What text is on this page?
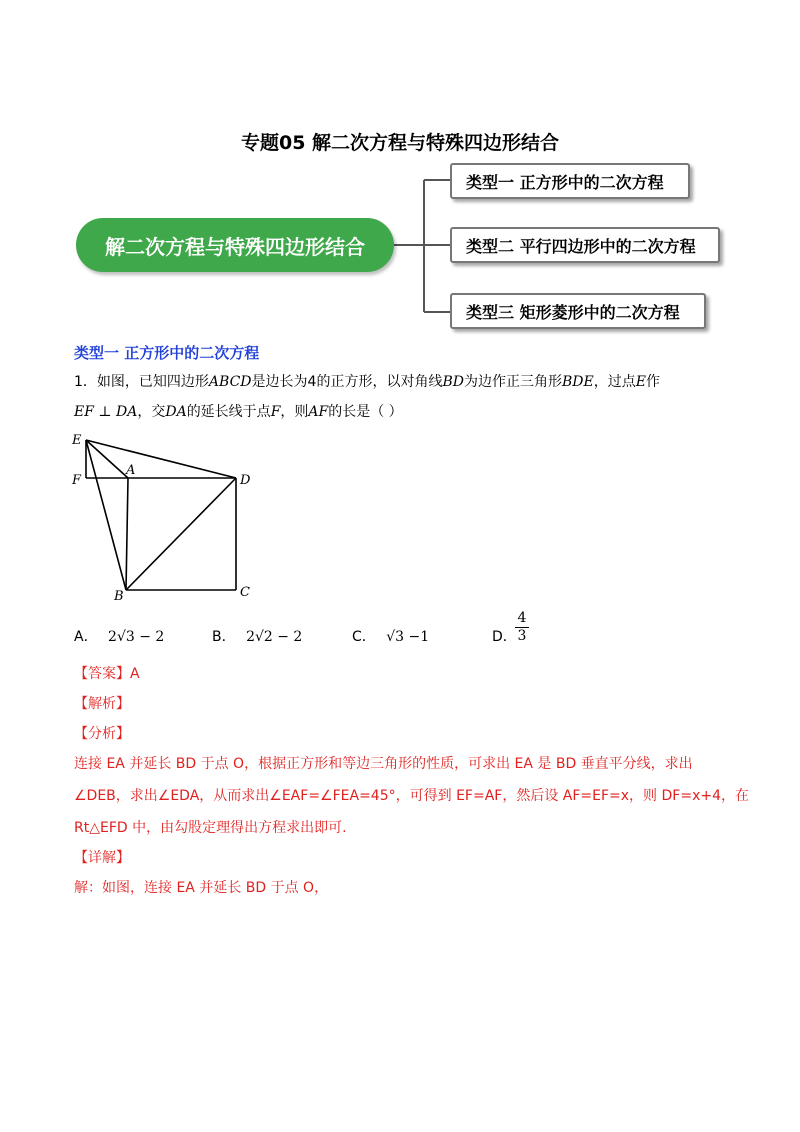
专题05 解二次方程与特殊四边形结合
解二次方程与特殊四边形结合
类型一 正方形中的二次方程
类型二 平行四边形中的二次方程
类型三 矩形菱形中的二次方程
类型一 正方形中的二次方程
1．如图，已知四边形ABCD是边长为4的正方形，以对角线BD为边作正三角形BDE，过点E作
EF ⊥ DA，交DA的延长线于点F，则AF的长是（ ）
E
F
A
D
B	C
A． 2√3 − 2	B． 2√2 − 2	C． √3 −1	D．
4
3
【答案】A
【解析】
【分析】
连接 EA 并延长 BD 于点 O，根据正方形和等边三角形的性质，可求出 EA 是 BD 垂直平分线，求出
∠DEB，求出∠EDA，从而求出∠EAF=∠FEA=45°，可得到 EF=AF，然后设 AF=EF=x，则 DF=x+4，在
Rt△EFD 中，由勾股定理得出方程求出即可.
【详解】
解：如图，连接 EA 并延长 BD 于点 O，
